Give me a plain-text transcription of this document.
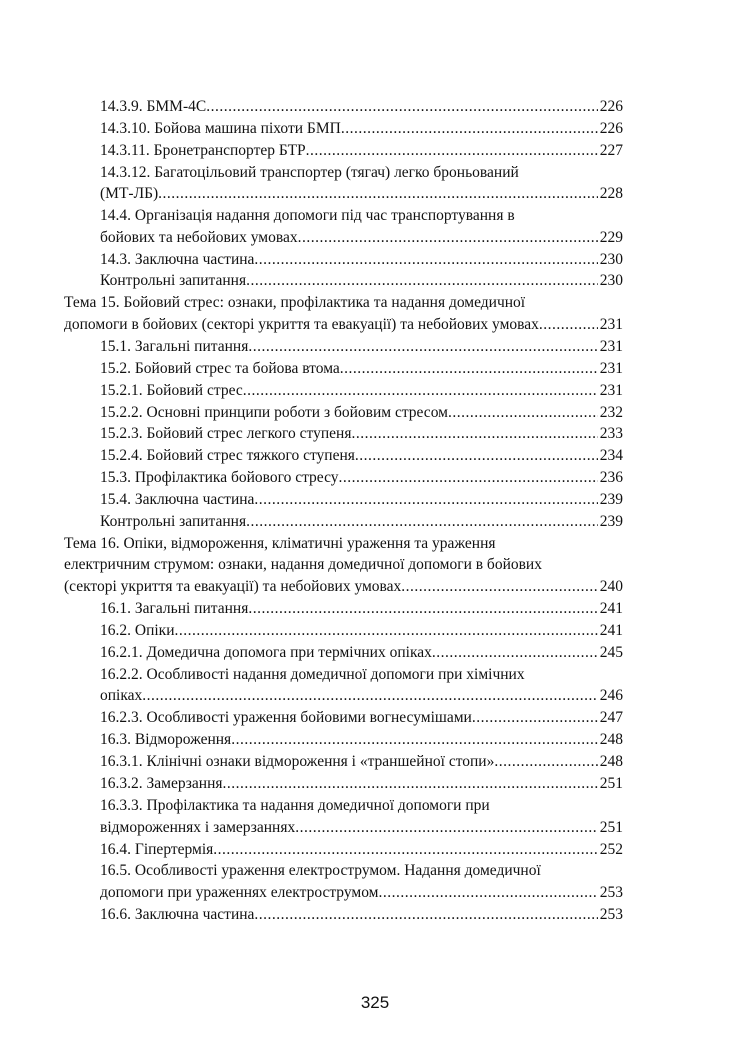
14.3.9. БММ-4С .....	226
14.3.10. Бойова машина піхоти БМП .....	226
14.3.11. Бронетранспортер БТР .....	227
14.3.12. Багатоцільовий транспортер (тягач) легко броньований
(МТ-ЛБ) .....	228
14.4. Організація надання допомоги під час транспортування в
бойових та небойових умовах .....	229
14.3. Заключна частина .....	230
Контрольні запитання .....	230
Тема 15. Бойовий стрес: ознаки, профілактика та надання домедичної
допомоги в бойових (секторі укриття та евакуації) та небойових умовах .....	231
15.1. Загальні питання .....	231
15.2. Бойовий стрес та бойова втома .....	231
15.2.1. Бойовий стрес .....	231
15.2.2. Основні принципи роботи з бойовим стресом .....	232
15.2.3. Бойовий стрес легкого ступеня .....	233
15.2.4. Бойовий стрес тяжкого ступеня .....	234
15.3. Профілактика бойового стресу .....	236
15.4. Заключна частина .....	239
Контрольні запитання .....	239
Тема 16. Опіки, відмороження, кліматичні ураження та ураження
електричним струмом: ознаки, надання домедичної допомоги в бойових
(секторі укриття та евакуації) та небойових умовах .....	240
16.1. Загальні питання .....	241
16.2. Опіки .....	241
16.2.1. Домедична допомога при термічних опіках .....	245
16.2.2. Особливості надання домедичної допомоги при хімічних
опіках .....	246
16.2.3. Особливості ураження бойовими вогнесумішами .....	247
16.3. Відмороження .....	248
16.3.1. Клінічні ознаки відмороження і «траншейної стопи» .....	248
16.3.2. Замерзання .....	251
16.3.3. Профілактика та надання домедичної допомоги при
відмороженнях і замерзаннях .....	251
16.4. Гіпертермія .....	252
16.5. Особливості ураження електрострумом. Надання домедичної
допомоги при ураженнях електрострумом .....	253
16.6. Заключна частина .....	253
325
